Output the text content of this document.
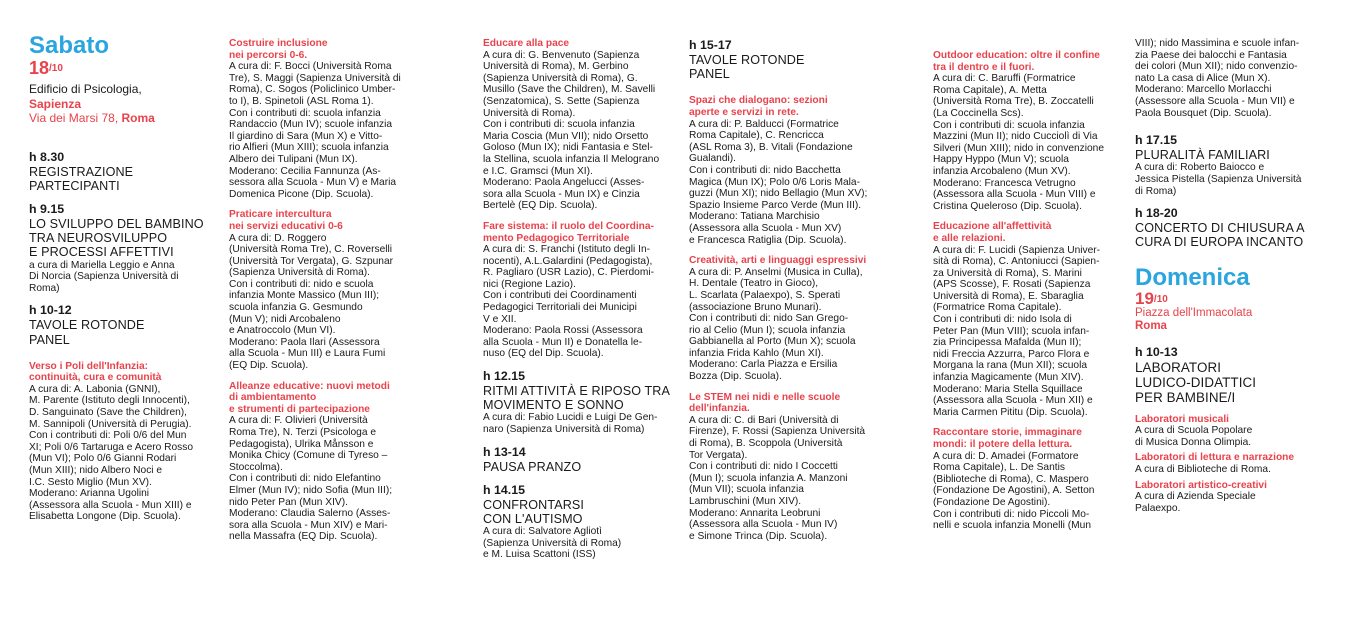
Sabato

$18^{/10}$

Edificio di Psicologia,

Sapienza

Via dei Marsi 78, Roma

h 8.30

REGISTRAZIONE
PARTECIPANTI

h 9.15

LO SVILUPPO DEL BAMBINO
TRA NEUROSVILUPPO
E PROCESSI AFFETTIVI

a cura di Mariella Leggio e Anna
Di Norcia (Sapienza Università di
Roma)

h 10-12

TAVOLE ROTONDE
PANEL

Verso i Poli dell'Infanzia:
continuità, cura e comunità

A cura di: A. Labonia (GNNI),
M. Parente (Istituto degli Innocenti),
D. Sanguinato (Save the Children),
M. Sannipoli (Università di Perugia).
Con i contributi di: Poli 0/6 del Mun
XI; Poli 0/6 Tartaruga e Acero Rosso
(Mun VI); Polo 0/6 Gianni Rodari
(Mun XIII); nido Albero Noci e
I.C. Sesto Miglio (Mun XV).
Moderano: Arianna Ugolini
(Assessora alla Scuola - Mun XIII) e
Elisabetta Longone (Dip. Scuola).

Costruire inclusione
nei percorsi 0-6.

A cura di: F. Bocci (Università Roma
Tre), S. Maggi (Sapienza Università di
Roma), C. Sogos (Policlinico Umber-
to I), B. Spinetoli (ASL Roma 1).
Con i contributi di: scuola infanzia
Randaccio (Mun IV); scuole infanzia
Il giardino di Sara (Mun X) e Vitto-
rio Alfieri (Mun XIII); scuola infanzia
Albero dei Tulipani (Mun IX).
Moderano: Cecilia Fannunza (As-
sessora alla Scuola - Mun V) e Maria
Domenica Picone (Dip. Scuola).

Praticare intercultura
nei servizi educativi 0-6

A cura di: D. Roggero
(Università Roma Tre), C. Roverselli
(Università Tor Vergata), G. Szpunar
(Sapienza Università di Roma).
Con i contributi di: nido e scuola
infanzia Monte Massico (Mun III);
scuola infanzia G. Gesmundo
(Mun V); nidi Arcobaleno
e Anatroccolo (Mun VI).
Moderano: Paola Ilari (Assessora
alla Scuola - Mun III) e Laura Fumi
(EQ Dip. Scuola).

Alleanze educative: nuovi metodi
di ambientamento
e strumenti di partecipazione

A cura di: F. Olivieri (Università
Roma Tre), N. Terzi (Psicologa e
Pedagogista), Ulrika Månsson e
Monika Chicy (Comune di Tyreso –
Stoccolma).
Con i contributi di: nido Elefantino
Elmer (Mun IV); nido Sofia (Mun III);
nido Peter Pan (Mun XIV).
Moderano: Claudia Salerno (Asses-
sora alla Scuola - Mun XIV) e Mari-
nella Massafra (EQ Dip. Scuola).

Educare alla pace

A cura di: G. Benvenuto (Sapienza
Università di Roma), M. Gerbino
(Sapienza Università di Roma), G.
Musillo (Save the Children), M. Savelli
(Senzatomica), S. Sette (Sapienza
Università di Roma).
Con i contributi di: scuola infanzia
Maria Coscia (Mun VII); nido Orsetto
Goloso (Mun IX); nidi Fantasia e Stel-
la Stellina, scuola infanzia Il Melograno
e I.C. Gramsci (Mun XI).
Moderano: Paola Angelucci (Asses-
sora alla Scuola - Mun IX) e Cinzia
Bertelè (EQ Dip. Scuola).

Fare sistema: il ruolo del Coordina-
mento Pedagogico Territoriale

A cura di: S. Franchi (Istituto degli In-
nocenti), A.L.Galardini (Pedagogista),
R. Pagliaro (USR Lazio), C. Pierdomi-
nici (Regione Lazio).
Con i contributi dei Coordinamenti
Pedagogici Territoriali dei Municipi
V e XII.
Moderano: Paola Rossi (Assessora
alla Scuola - Mun II) e Donatella le-
nuso (EQ del Dip. Scuola).

h 12.15

RITMI ATTIVITÀ E RIPOSO TRA
MOVIMENTO E SONNO

A cura di: Fabio Lucidi e Luigi De Gen-
naro (Sapienza Università di Roma)

h 13-14

PAUSA PRANZO

h 14.15

CONFRONTARSI
CON L'AUTISMO

A cura di: Salvatore Agliotì
(Sapienza Università di Roma)
e M. Luisa Scattoni (ISS)

h 15-17

TAVOLE ROTONDE
PANEL

Spazi che dialogano: sezioni
aperte e servizi in rete.

A cura di: P. Balducci (Formatrice
Roma Capitale), C. Rencricca
(ASL Roma 3), B. Vitali (Fondazione
Gualandi).
Con i contributi di: nido Bacchetta
Magica (Mun IX); Polo 0/6 Loris Mala-
guzzi (Mun XI); nido Bellagio (Mun XV);
Spazio Insieme Parco Verde (Mun III).
Moderano: Tatiana Marchisio
(Assessora alla Scuola - Mun XV)
e Francesca Ratiglia (Dip. Scuola).

Creatività, arti e linguaggi espressivi

A cura di: P. Anselmi (Musica in Culla),
H. Dentale (Teatro in Gioco),
L. Scarlata (Palaexpo), S. Sperati
(associazione Bruno Munari).
Con i contributi di: nido San Grego-
rio al Celio (Mun I); scuola infanzia
Gabbianella al Porto (Mun X); scuola
infanzia Frida Kahlo (Mun XI).
Moderano: Carla Piazza e Ersilia
Bozza (Dip. Scuola).

Le STEM nei nidi e nelle scuole
dell'infanzia.

A cura di: C. di Bari (Università di
Firenze), F. Rossi (Sapienza Università
di Roma), B. Scoppola (Università
Tor Vergata).
Con i contributi di: nido I Coccetti
(Mun I); scuola infanzia A. Manzoni
(Mun VII); scuola infanzia
Lambruschini (Mun XIV).
Moderano: Annarita Leobruni
(Assessora alla Scuola - Mun IV)
e Simone Trinca (Dip. Scuola).

Outdoor education: oltre il confine
tra il dentro e il fuori.

A cura di: C. Baruffi (Formatrice
Roma Capitale), A. Metta
(Università Roma Tre), B. Zoccatelli
(La Coccinella Scs).
Con i contributi di: scuola infanzia
Mazzini (Mun II); nido Cucciolì di Via
Silveri (Mun XIII); nido in convenzione
Happy Hyppo (Mun V); scuola
infanzia Arcobaleno (Mun XV).
Moderano: Francesca Vetrugno
(Assessora alla Scuola - Mun VIII) e
Cristina Queleroso (Dip. Scuola).

Educazione all'affettività
e alle relazioni.

A cura di: F. Lucidi (Sapienza Univer-
sità di Roma), C. Antoniucci (Sapien-
za Università di Roma), S. Marini
(APS Scosse), F. Rosati (Sapienza
Università di Roma), E. Sbaraglia
(Formatrice Roma Capitale).
Con i contributi di: nido Isola di
Peter Pan (Mun VIII); scuola infan-
zia Principessa Mafalda (Mun II);
nidi Freccia Azzurra, Parco Flora e
Morgana la rana (Mun XII); scuola
infanzia Magicamente (Mun XIV).
Moderano: Maria Stella Squillace
(Assessora alla Scuola - Mun XII) e
Maria Carmen Pititu (Dip. Scuola).

Raccontare storie, immaginare
mondi: il potere della lettura.

A cura di: D. Amadei (Formatore
Roma Capitale), L. De Santis
(Biblioteche di Roma), C. Maspero
(Fondazione De Agostini), A. Setton
(Fondazione De Agostini).
Con i contributi di: nido Piccoli Mo-
nelli e scuola infanzia Monelli (Mun

VIII); nido Massimina e scuole infan-
zia Paese dei balocchi e Fantasia
dei colori (Mun XII); nido convenzio-
nato La casa di Alice (Mun X).
Moderano: Marcello Morlacchi
(Assessore alla Scuola - Mun VII) e
Paola Bousquet (Dip. Scuola).

h 17.15

PLURALITÀ FAMILIARI

A cura di: Roberto Baiocco e
Jessica Pistella (Sapienza Università
di Roma)

h 18-20

CONCERTO DI CHIUSURA A
CURA DI EUROPA INCANTO

Domenica

$19^{/10}$

Piazza dell'Immacolata

Roma

h 10-13

LABORATORI
LUDICO-DIDATTICI
PER BAMBINE/I

Laboratori musicali

A cura di Scuola Popolare
di Musica Donna Olimpia.

Laboratori di lettura e narrazione

A cura di Biblioteche di Roma.

Laboratori artistico-creativi

A cura di Azienda Speciale
Palaexpo.
